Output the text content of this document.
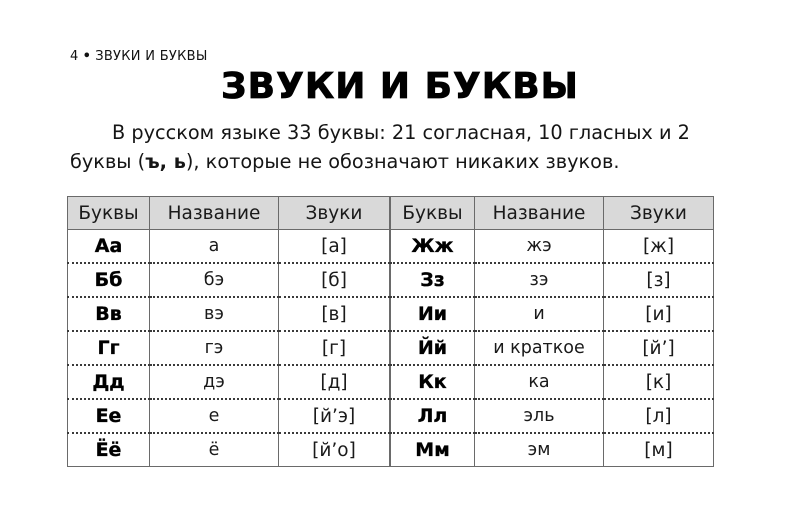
4 • ЗВУКИ И БУКВЫ
ЗВУКИ И БУКВЫ

В русском языке 33 буквы: 21 согласная, 10 гласных и 2 буквы (ъ, ь), которые не обозначают никаких звуков.

Буквы	Название	Звуки
Аа	а	[а]
Бб	бэ	[б]
Вв	вэ	[в]
Гг	гэ	[г]
Дд	дэ	[д]
Ее	е	[й’э]
Ёё	ё	[й’о]
Буквы	Название	Звуки
Жж	жэ	[ж]
Зз	зэ	[з]
Ии	и	[и]
Йй	и краткое	[й’]
Кк	ка	[к]
Лл	эль	[л]
Мм	эм	[м]
